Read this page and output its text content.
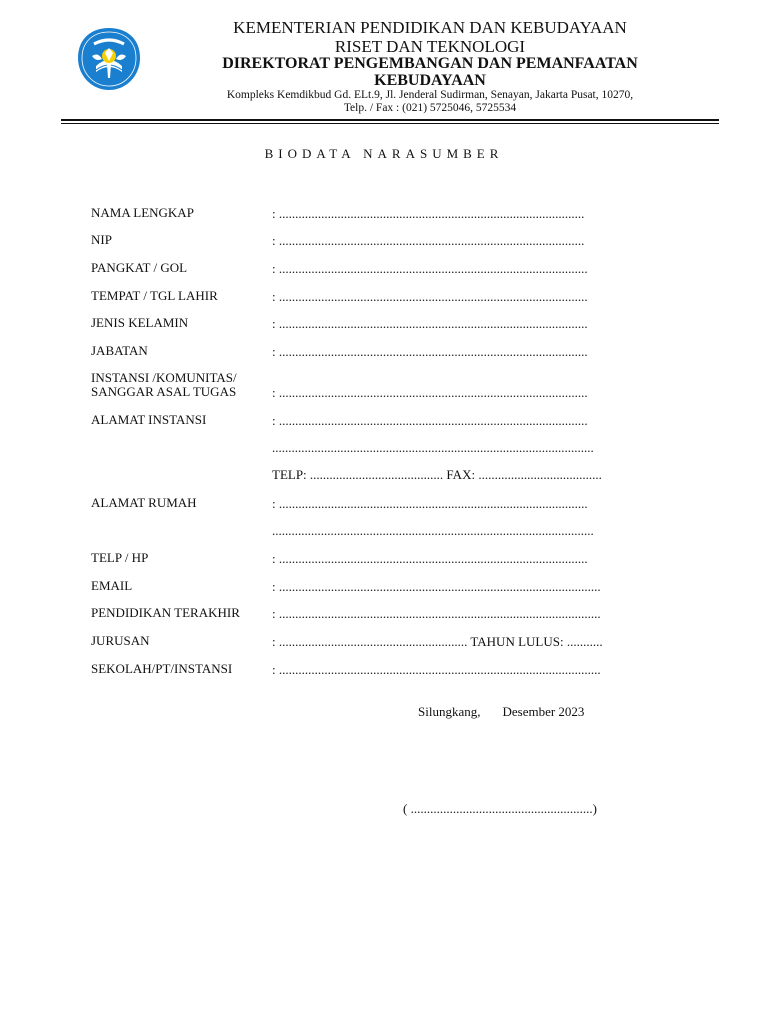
KEMENTERIAN PENDIDIKAN DAN KEBUDAYAAN
RISET DAN TEKNOLOGI
DIREKTORAT PENGEMBANGAN DAN PEMANFAATAN
KEBUDAYAAN
Kompleks Kemdikbud Gd. ELt.9, Jl. Jenderal Sudirman, Senayan, Jakarta Pusat, 10270,
Telp. / Fax : (021) 5725046, 5725534
BIODATA NARASUMBER
NAMA LENGKAP	: ..............................................................................................
NIP	: ..............................................................................................
PANGKAT / GOL	: ...............................................................................................
TEMPAT / TGL LAHIR	: ...............................................................................................
JENIS KELAMIN	: ...............................................................................................
JABATAN	: ...............................................................................................
INSTANSI /KOMUNITAS/
SANGGAR ASAL TUGAS	: ...............................................................................................
ALAMAT INSTANSI	: ...............................................................................................
...................................................................................................
TELP: ......................................... FAX: ......................................
ALAMAT RUMAH	: ...............................................................................................
...................................................................................................
TELP / HP	: ...............................................................................................
EMAIL	: ...................................................................................................
PENDIDIKAN TERAKHIR : ...................................................................................................
JURUSAN	: .......................................................... TAHUN LULUS: ...........
SEKOLAH/PT/INSTANSI	: ...................................................................................................
Silungkang, Desember 2023
( ........................................................)
